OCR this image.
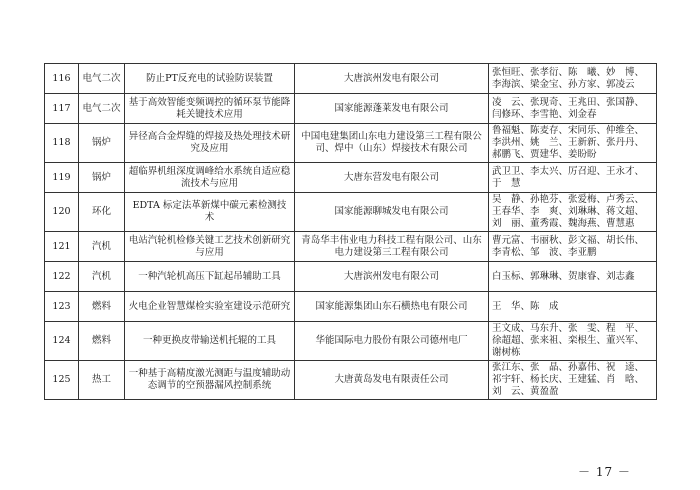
116	电气二次	防止PT反充电的试验防误装置	大唐滨州发电有限公司	张恒旺、张孝衍、陈　曦、妙　博、李海滨、梁金宝、孙方家、郭凌云
117	电气二次	基于高效智能变频调控的循环泵节能降耗关键技术应用	国家能源蓬莱发电有限公司	凌　云、张现奇、王兆田、张国静、闫修环、李雪艳、刘金春
118	锅炉	异径高合金焊缝的焊接及热处理技术研究及应用	中国电建集团山东电力建设第三工程有限公司、焊中（山东）焊接技术有限公司	鲁福魁、陈麦存、宋同乐、仲维全、李洪州、姚　兰、王新新、张丹丹、郝鹏飞、贾建华、姜盼盼
119	锅炉	超临界机组深度调峰给水系统自适应稳流技术与应用	大唐东营发电有限公司	武卫卫、李太兴、厉召迎、王永才、于　慧
120	环化	EDTA 标定法革新煤中碳元素检测技术	国家能源聊城发电有限公司	吴　静、孙艳芬、张爱梅、卢秀云、王春华、李　爽、刘琳琳、蒋文超、刘　丽、董秀霞、魏海燕、曹慧惠
121	汽机	电站汽轮机检修关键工艺技术创新研究与应用	青岛华丰伟业电力科技工程有限公司、山东电力建设第三工程有限公司	曹元富、韦丽秋、彭文福、胡长伟、李青松、邹　波、李亚鹏
122	汽机	一种汽轮机高压下缸起吊辅助工具	大唐滨州发电有限公司	白玉标、郭琳琳、贺康睿、刘志鑫
123	燃料	火电企业智慧煤检实验室建设示范研究	国家能源集团山东石横热电有限公司	王　华、陈　成
124	燃料	一种更换皮带输送机托辊的工具	华能国际电力股份有限公司德州电厂	王文成、马东升、张　雯、程　平、徐超超、张来祖、栾根生、董兴军、谢树栋
125	热工	一种基于高精度激光测距与温度辅助动态调节的空预器漏风控制系统	大唐黄岛发电有限责任公司	张江东、张　晶、孙嘉伟、祝　逵、祁宇轩、杨长庆、王建猛、肖　晗、刘　云、黄盈盈
－ 17 －
